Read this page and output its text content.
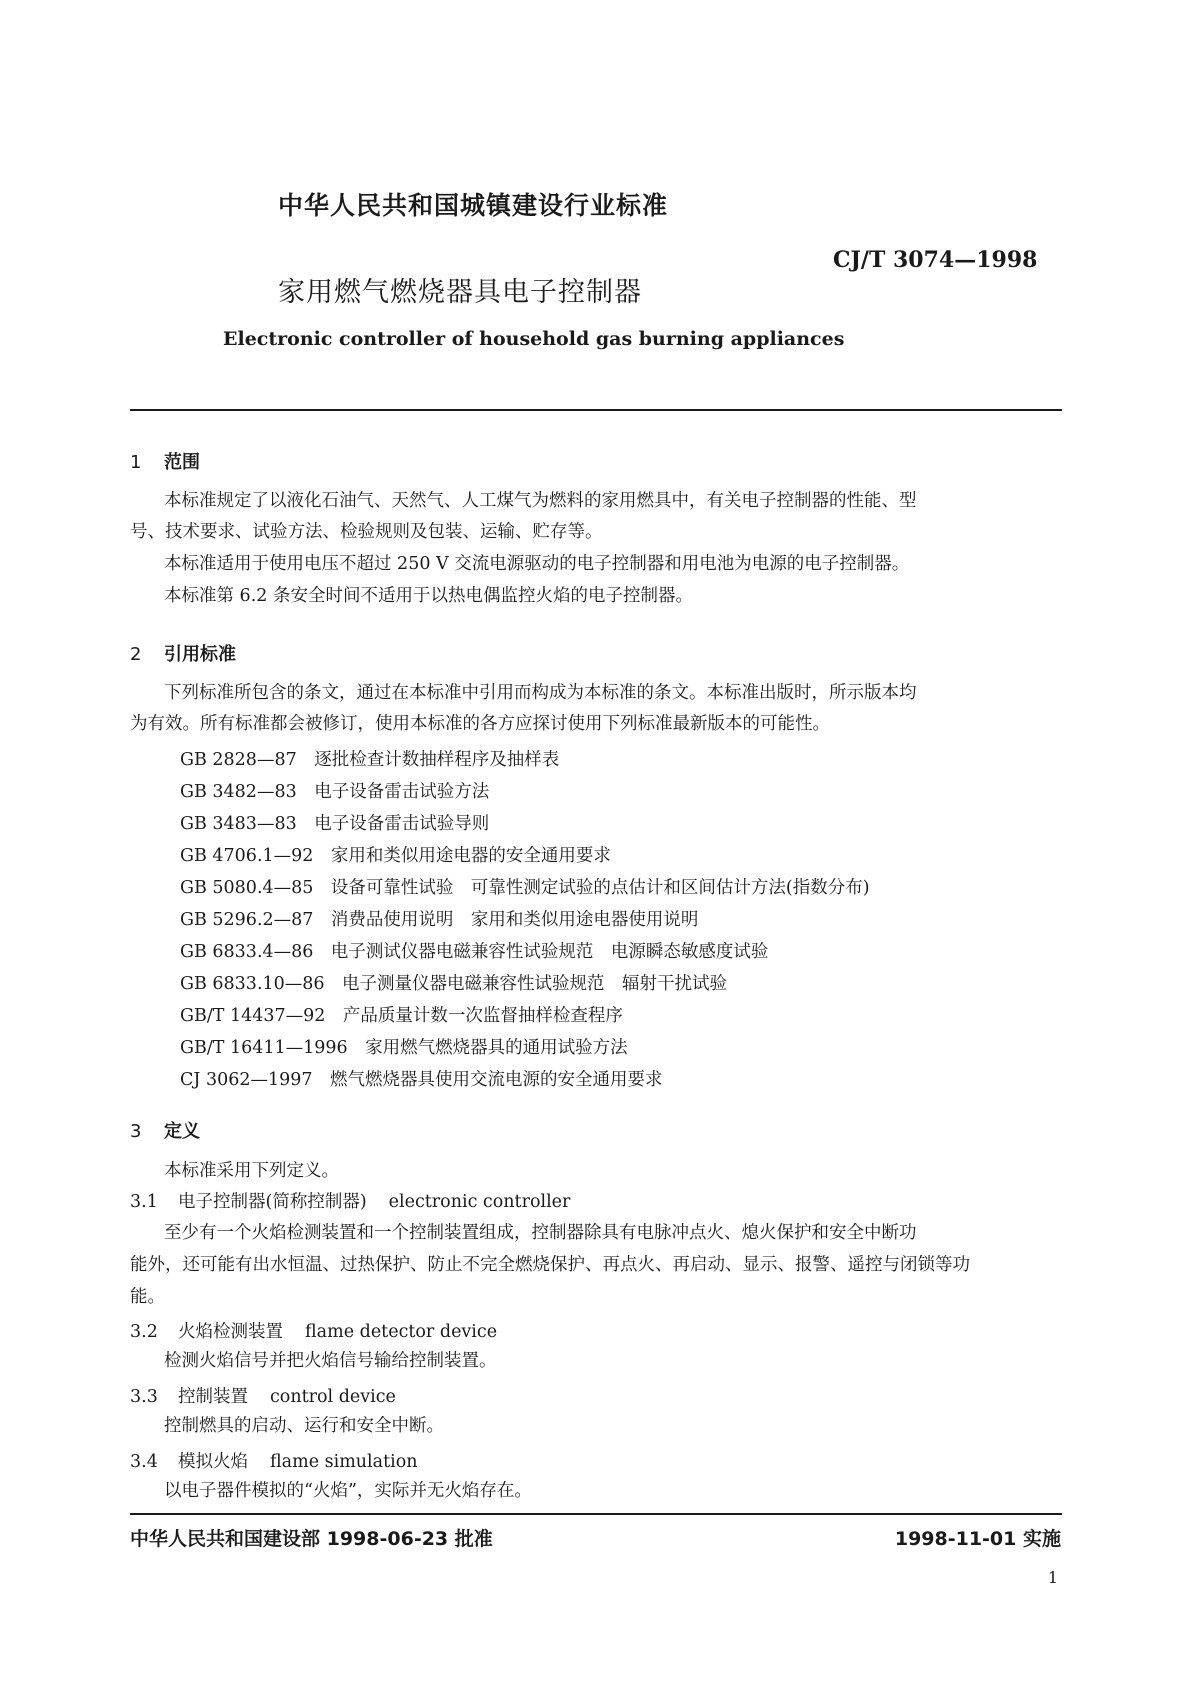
中华人民共和国城镇建设行业标准
CJ/T 3074—1998
家用燃气燃烧器具电子控制器
Electronic controller of household gas burning appliances
1 范围
本标准规定了以液化石油气、天然气、人工煤气为燃料的家用燃具中，有关电子控制器的性能、型
号、技术要求、试验方法、检验规则及包装、运输、贮存等。
本标准适用于使用电压不超过 250 V 交流电源驱动的电子控制器和用电池为电源的电子控制器。
本标准第 6.2 条安全时间不适用于以热电偶监控火焰的电子控制器。
2 引用标准
下列标准所包含的条文，通过在本标准中引用而构成为本标准的条文。本标准出版时，所示版本均
为有效。所有标准都会被修订，使用本标准的各方应探讨使用下列标准最新版本的可能性。
GB 2828—87　 逐批检查计数抽样程序及抽样表
GB 3482—83　 电子设备雷击试验方法
GB 3483—83　 电子设备雷击试验导则
GB 4706.1—92　 家用和类似用途电器的安全通用要求
GB 5080.4—85　 设备可靠性试验　可靠性测定试验的点估计和区间估计方法(指数分布)
GB 5296.2—87　 消费品使用说明　家用和类似用途电器使用说明
GB 6833.4—86　 电子测试仪器电磁兼容性试验规范　电源瞬态敏感度试验
GB 6833.10—86　 电子测量仪器电磁兼容性试验规范　辐射干扰试验
GB/T 14437—92　 产品质量计数一次监督抽样检查程序
GB/T 16411—1996　 家用燃气燃烧器具的通用试验方法
CJ 3062—1997　 燃气燃烧器具使用交流电源的安全通用要求
3 定义
本标准采用下列定义。
3.1 电子控制器(简称控制器) electronic controller
至少有一个火焰检测装置和一个控制装置组成，控制器除具有电脉冲点火、熄火保护和安全中断功
能外，还可能有出水恒温、过热保护、防止不完全燃烧保护、再点火、再启动、显示、报警、遥控与闭锁等功
能。
3.2 火焰检测装置 flame detector device
检测火焰信号并把火焰信号输给控制装置。
3.3 控制装置 control device
控制燃具的启动、运行和安全中断。
3.4 模拟火焰 flame simulation
以电子器件模拟的“火焰”，实际并无火焰存在。
中华人民共和国建设部 1998-06-23 批准	1998-11-01 实施
1
